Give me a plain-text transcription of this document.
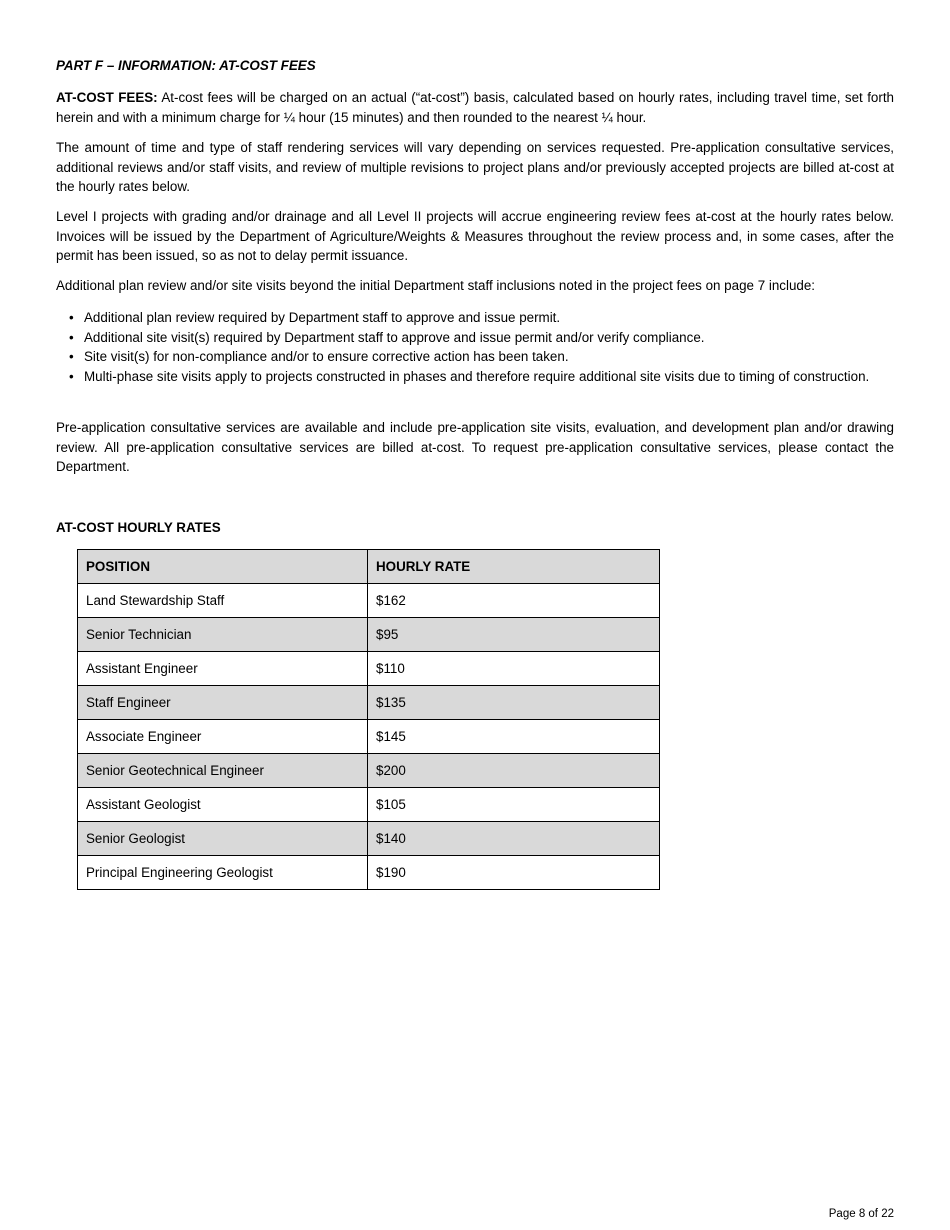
PART F – INFORMATION: AT-COST FEES

AT-COST FEES: At-cost fees will be charged on an actual (“at-cost”) basis, calculated based on hourly rates, including travel time, set forth herein and with a minimum charge for ¼ hour (15 minutes) and then rounded to the nearest ¼ hour.

The amount of time and type of staff rendering services will vary depending on services requested. Pre-application consultative services, additional reviews and/or staff visits, and review of multiple revisions to project plans and/or previously accepted projects are billed at-cost at the hourly rates below.

Level I projects with grading and/or drainage and all Level II projects will accrue engineering review fees at-cost at the hourly rates below. Invoices will be issued by the Department of Agriculture/Weights & Measures throughout the review process and, in some cases, after the permit has been issued, so as not to delay permit issuance.

Additional plan review and/or site visits beyond the initial Department staff inclusions noted in the project fees on page 7 include:

• Additional plan review required by Department staff to approve and issue permit.
• Additional site visit(s) required by Department staff to approve and issue permit and/or verify compliance.
• Site visit(s) for non-compliance and/or to ensure corrective action has been taken.
• Multi-phase site visits apply to projects constructed in phases and therefore require additional site visits due to timing of construction.

Pre-application consultative services are available and include pre-application site visits, evaluation, and development plan and/or drawing review. All pre-application consultative services are billed at-cost. To request pre-application consultative services, please contact the Department.

AT-COST HOURLY RATES
POSITION	HOURLY RATE
Land Stewardship Staff	$162
Senior Technician	$95
Assistant Engineer	$110
Staff Engineer	$135
Associate Engineer	$145
Senior Geotechnical Engineer	$200
Assistant Geologist	$105
Senior Geologist	$140
Principal Engineering Geologist	$190
Page 8 of 22
